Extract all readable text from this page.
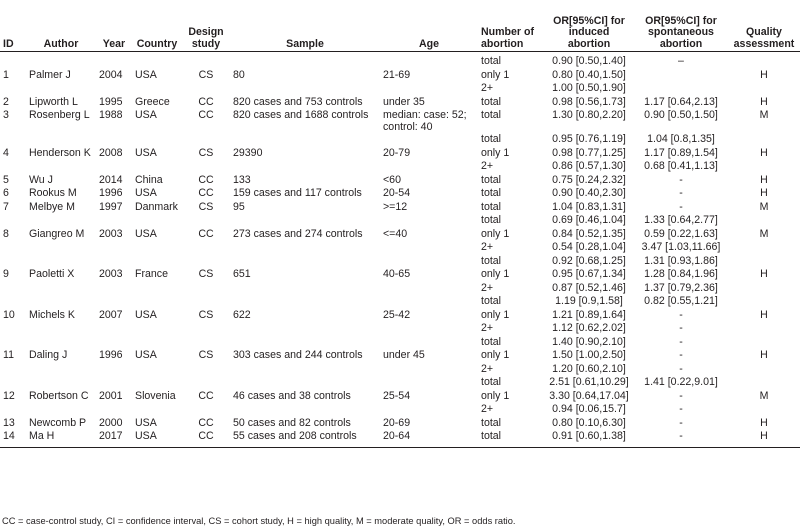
ID	Author	Year	Country	Design study	Sample	Age	Number of abortion	OR[95%CI] for induced abortion	OR[95%CI] for spontaneous abortion	Quality assessment
							total	0.90 [0.50,1.40]	–	
1	Palmer J	2004	USA	CS	80	21-69	only 1	0.80 [0.40,1.50]		H
							2+	1.00 [0.50,1.90]		
2	Lipworth L	1995	Greece	CC	820 cases and 753 controls	under 35	total	0.98 [0.56,1.73]	1.17 [0.64,2.13]	H
3	Rosenberg L	1988	USA	CC	820 cases and 1688 controls	median: case: 52; control: 40	total	1.30 [0.80,2.20]	0.90 [0.50,1.50]	M
							total	0.95 [0.76,1.19]	1.04 [0.8,1.35]	
4	Henderson K	2008	USA	CS	29390	20-79	only 1	0.98 [0.77,1.25]	1.17 [0.89,1.54]	H
							2+	0.86 [0.57,1.30]	0.68 [0.41,1.13]	
5	Wu J	2014	China	CC	133	<60	total	0.75 [0.24,2.32]	-	H
6	Rookus M	1996	USA	CC	159 cases and 117 controls	20-54	total	0.90 [0.40,2.30]	-	H
7	Melbye M	1997	Danmark	CS	95	>=12	total	1.04 [0.83,1.31]	-	M
							total	0.69 [0.46,1.04]	1.33 [0.64,2.77]	
8	Giangreo M	2003	USA	CC	273 cases and 274 controls	<=40	only 1	0.84 [0.52,1.35]	0.59 [0.22,1.63]	M
							2+	0.54 [0.28,1.04]	3.47 [1.03,11.66]	
							total	0.92 [0.68,1.25]	1.31 [0.93,1.86]	
9	Paoletti X	2003	France	CS	651	40-65	only 1	0.95 [0.67,1.34]	1.28 [0.84,1.96]	H
							2+	0.87 [0.52,1.46]	1.37 [0.79,2.36]	
							total	1.19 [0.9,1.58]	0.82 [0.55,1.21]	
10	Michels K	2007	USA	CS	622	25-42	only 1	1.21 [0.89,1.64]	-	H
							2+	1.12 [0.62,2.02]	-	
							total	1.40 [0.90,2.10]	-	
11	Daling J	1996	USA	CS	303 cases and 244 controls	under 45	only 1	1.50 [1.00,2.50]	-	H
							2+	1.20 [0.60,2.10]	-	
							total	2.51 [0.61,10.29]	1.41 [0.22,9.01]	
12	Robertson C	2001	Slovenia	CC	46 cases and 38 controls	25-54	only 1	3.30 [0.64,17.04]	-	M
							2+	0.94 [0.06,15.7]	-	
13	Newcomb P	2000	USA	CC	50 cases and 82 controls	20-69	total	0.80 [0.10,6.30]	-	H
14	Ma H	2017	USA	CC	55 cases and 208 controls	20-64	total	0.91 [0.60,1.38]	-	H
CC = case-control study, CI = confidence interval, CS = cohort study, H = high quality, M = moderate quality, OR = odds ratio.
